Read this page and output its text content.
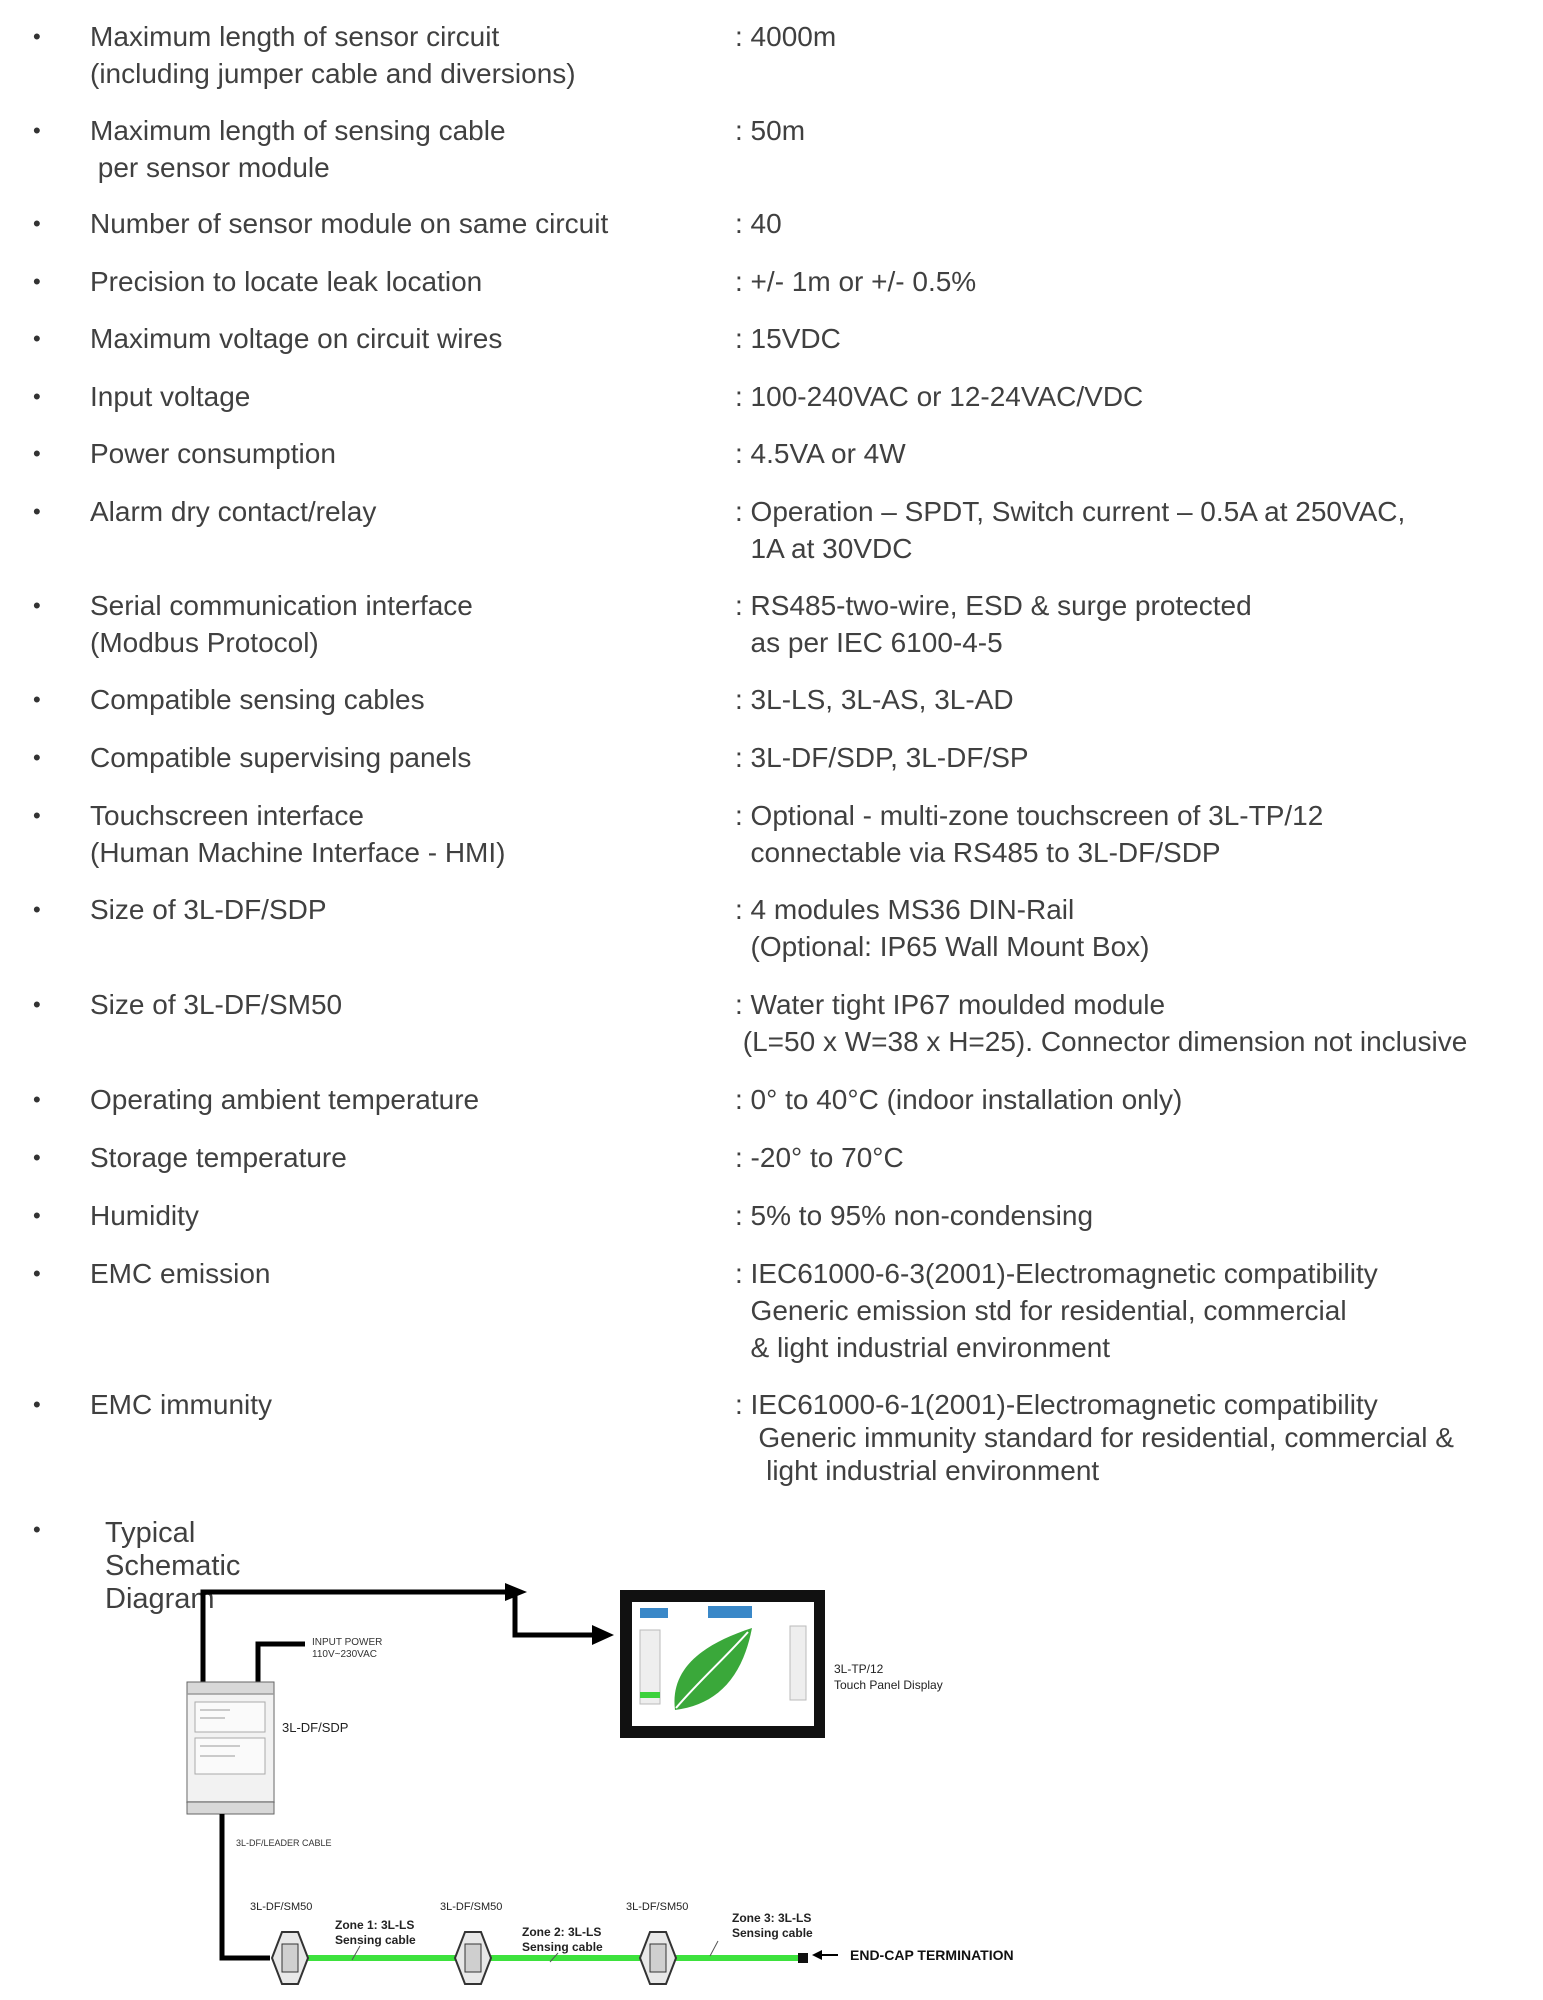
• Maximum length of sensor circuit
(including jumper cable and diversions)
: 4000m
• Maximum length of sensing cable
per sensor module
: 50m
• Number of sensor module on same circuit	: 40
• Precision to locate leak location	: +/- 1m or +/- 0.5%
• Maximum voltage on circuit wires	: 15VDC
• Input voltage	: 100-240VAC or 12-24VAC/VDC
• Power consumption	: 4.5VA or 4W
• Alarm dry contact/relay	: Operation – SPDT, Switch current – 0.5A at 250VAC,
1A at 30VDC
• Serial communication interface
(Modbus Protocol)
: RS485-two-wire, ESD & surge protected
as per IEC 6100-4-5
• Compatible sensing cables	: 3L-LS, 3L-AS, 3L-AD
• Compatible supervising panels	: 3L-DF/SDP, 3L-DF/SP
• Touchscreen interface
(Human Machine Interface - HMI)
: Optional - multi-zone touchscreen of 3L-TP/12
connectable via RS485 to 3L-DF/SDP
• Size of 3L-DF/SDP	: 4 modules MS36 DIN-Rail
(Optional: IP65 Wall Mount Box)
• Size of 3L-DF/SM50	: Water tight IP67 moulded module
(L=50 x W=38 x H=25). Connector dimension not inclusive
• Operating ambient temperature	: 0° to 40°C (indoor installation only)
• Storage temperature	: -20° to 70°C
• Humidity	: 5% to 95% non-condensing
• EMC emission	: IEC61000-6-3(2001)-Electromagnetic compatibility
Generic emission std for residential, commercial
& light industrial environment
• EMC immunity	: IEC61000-6-1(2001)-Electromagnetic compatibility
Generic immunity standard for residential, commercial &
light industrial environment
• Typical Schematic Diagram
INPUT POWER
110V~230VAC
3L-DF/SDP
3L-TP/12
Touch Panel Display
3L-DF/LEADER CABLE
3L-DF/SM50	3L-DF/SM50	3L-DF/SM50
Zone 1: 3L-LS
Sensing cable
Zone 2: 3L-LS
Sensing cable
Zone 3: 3L-LS
Sensing cable
END-CAP TERMINATION
